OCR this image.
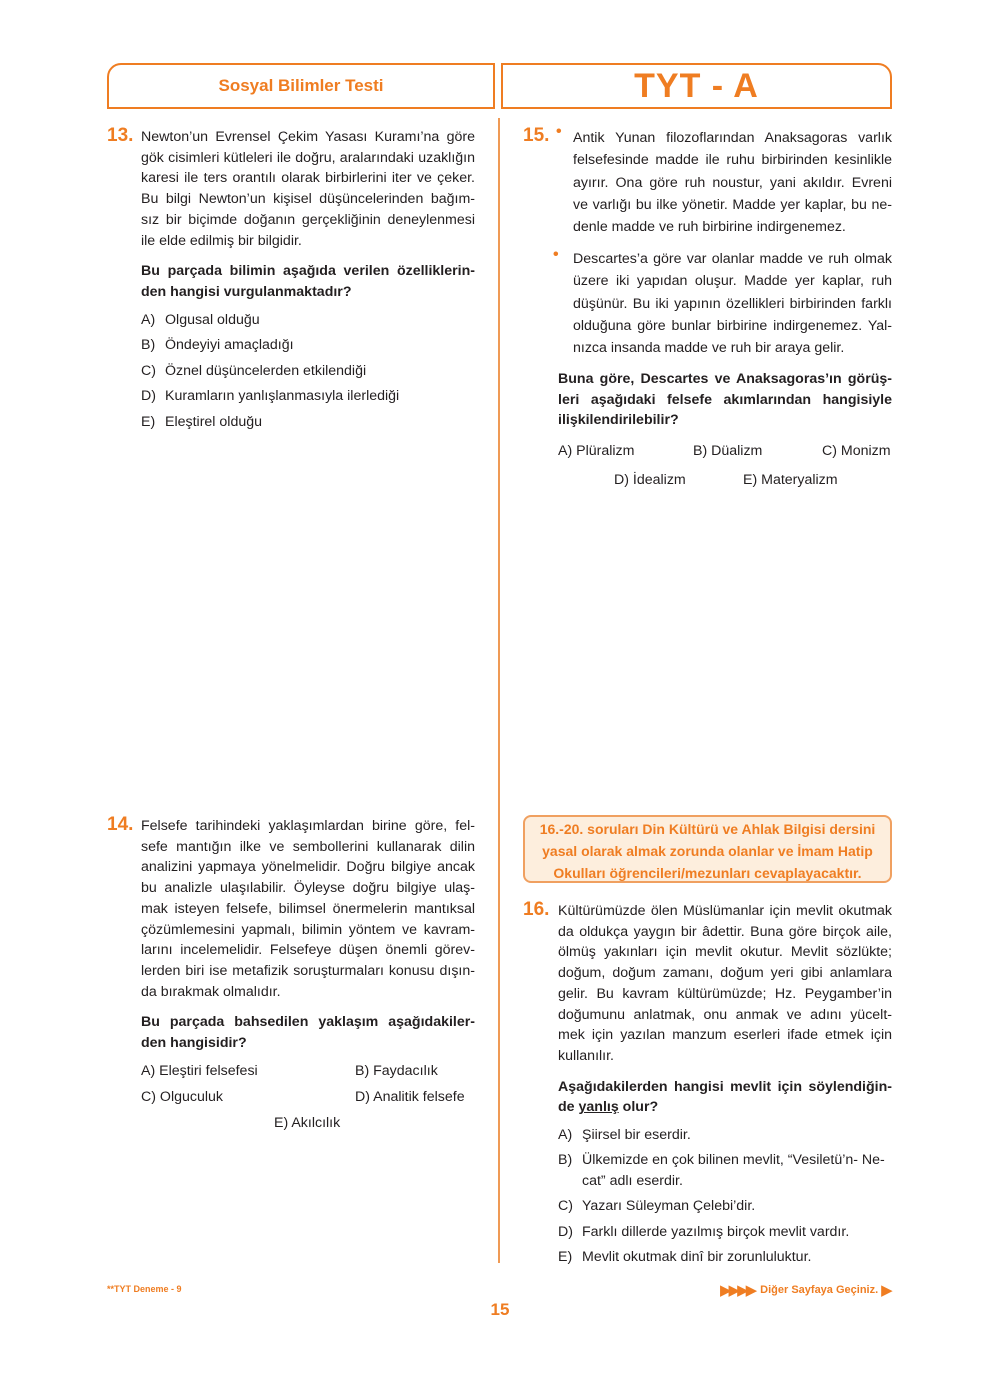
Sosyal Bilimler Testi	TYT - A
13. Newton’un Evrensel Çekim Yasası Kuramı’na göre

gök cisimleri kütleleri ile doğru, aralarındaki uzaklığın

karesi ile ters orantılı olarak birbirlerini iter ve çeker.

Bu bilgi Newton’un kişisel düşüncelerinden bağım-

sız bir biçimde doğanın gerçekliğinin deneylenmesi

ile elde edilmiş bir bilgidir.

Bu parçada bilimin aşağıda verilen özelliklerin-

den hangisi vurgulanmaktadır?

A) Olgusal olduğu
B) Öndeyiyi amaçladığı
C) Öznel düşüncelerden etkilendiği
D) Kuramların yanlışlanmasıyla ilerlediği
E) Eleştirel olduğu
14. Felsefe tarihindeki yaklaşımlardan birine göre, fel-

sefe mantığın ilke ve sembollerini kullanarak dilin

analizini yapmaya yönelmelidir. Doğru bilgiye ancak

bu analizle ulaşılabilir. Öyleyse doğru bilgiye ulaş-

mak isteyen felsefe, bilimsel önermelerin mantıksal

çözümlemesini yapmalı, bilimin yöntem ve kavram-

larını incelemelidir. Felsefeye düşen önemli görev-

lerden biri ise metafizik soruşturmaları konusu dışın-

da bırakmak olmalıdır.

Bu parçada bahsedilen yaklaşım aşağıdakiler-

den hangisidir?

A) Eleştiri felsefesi	B) Faydacılık
C) Olguculuk	D) Analitik felsefe
E) Akılcılık
15. • Antik Yunan filozoflarından Anaksagoras varlık

felsefesinde madde ile ruhu birbirinden kesinlikle

ayırır. Ona göre ruh noustur, yani akıldır. Evreni

ve varlığı bu ilke yönetir. Madde yer kaplar, bu ne-

denle madde ve ruh birbirine indirgenemez.

• Descartes’a göre var olanlar madde ve ruh olmak

üzere iki yapıdan oluşur. Madde yer kaplar, ruh

düşünür. Bu iki yapının özellikleri birbirinden farklı

olduğuna göre bunlar birbirine indirgenemez. Yal-

nızca insanda madde ve ruh bir araya gelir.

Buna göre, Descartes ve Anaksagoras’ın görüş-

leri aşağıdaki felsefe akımlarından hangisiyle

ilişkilendirilebilir?

A) Plüralizm	B) Düalizm	C) Monizm
D) İdealizm	E) Materyalizm
16.-20. soruları Din Kültürü ve Ahlak Bilgisi dersini
yasal olarak almak zorunda olanlar ve İmam Hatip
Okulları öğrencileri/mezunları cevaplayacaktır.
16. Kültürümüzde ölen Müslümanlar için mevlit okutmak

da oldukça yaygın bir âdettir. Buna göre birçok aile,

ölmüş yakınları için mevlit okutur. Mevlit sözlükte;

doğum, doğum zamanı, doğum yeri gibi anlamlara

gelir. Bu kavram kültürümüzde; Hz. Peygamber’in

doğumunu anlatmak, onu anmak ve adını yücelt-

mek için yazılan manzum eserleri ifade etmek için

kullanılır.

Aşağıdakilerden hangisi mevlit için söylendiğin-

de yanlış olur?

A) Şiirsel bir eserdir.
B) Ülkemizde en çok bilinen mevlit, “Vesiletü’n- Ne-
cat” adlı eserdir.
C) Yazarı Süleyman Çelebi’dir.
D) Farklı dillerde yazılmış birçok mevlit vardır.
E) Mevlit okutmak dinî bir zorunluluktur.
**TYT Deneme - 9
15
▶▶▶▶ Diğer Sayfaya Geçiniz. ▶
